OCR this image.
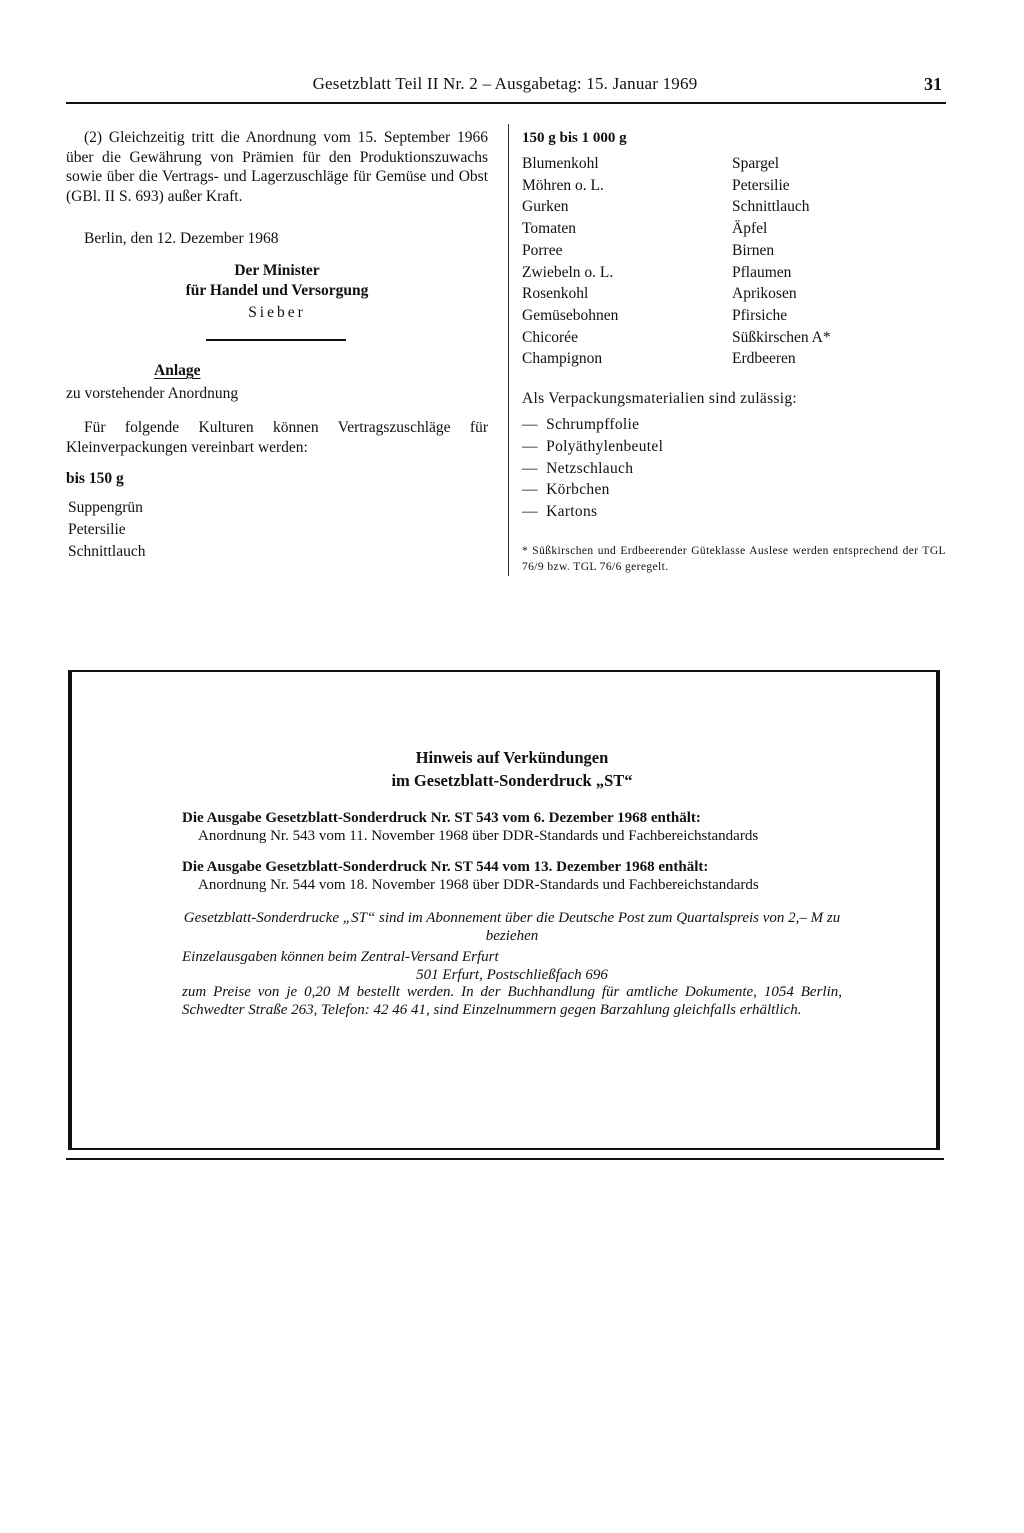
Gesetzblatt Teil II Nr. 2 – Ausgabetag: 15. Januar 1969	31

(2) Gleichzeitig tritt die Anordnung vom 15. September 1966 über die Gewährung von Prämien für den Produktionszuwachs sowie über die Vertrags- und Lagerzuschläge für Gemüse und Obst (GBl. II S. 693) außer Kraft.

Berlin, den 12. Dezember 1968
Der Minister
für Handel und Versorgung
Sieber
Anlage
zu vorstehender Anordnung
Für folgende Kulturen können Vertragszuschläge für Kleinverpackungen vereinbart werden:
bis 150 g
Suppengrün
Petersilie
Schnittlauch
150 g bis 1 000 g
Blumenkohl	Spargel
Möhren o. L.	Petersilie
Gurken	Schnittlauch
Tomaten	Äpfel
Porree	Birnen
Zwiebeln o. L.	Pflaumen
Rosenkohl	Aprikosen
Gemüsebohnen	Pfirsiche
Chicorée	Süßkirschen A*
Champignon	Erdbeeren
Als Verpackungsmaterialien sind zulässig:
—  Schrumpffolie
—  Polyäthylenbeutel
—  Netzschlauch
—  Körbchen
—  Kartons
* Süßkirschen und Erdbeerender Güteklasse Auslese werden entsprechend der TGL 76/9 bzw. TGL 76/6 geregelt.
Hinweis auf Verkündungen
im Gesetzblatt-Sonderdruck „ST“
Die Ausgabe Gesetzblatt-Sonderdruck Nr. ST 543 vom 6. Dezember 1968 enthält:
Anordnung Nr. 543 vom 11. November 1968 über DDR-Standards und Fachbereichstandards
Die Ausgabe Gesetzblatt-Sonderdruck Nr. ST 544 vom 13. Dezember 1968 enthält:
Anordnung Nr. 544 vom 18. November 1968 über DDR-Standards und Fachbereichstandards
Gesetzblatt-Sonderdrucke „ST“ sind im Abonnement über die Deutsche Post zum Quartalspreis von 2,– M zu beziehen
Einzelausgaben können beim Zentral-Versand Erfurt
501 Erfurt, Postschließfach 696
zum Preise von je 0,20 M bestellt werden. In der Buchhandlung für amtliche Dokumente, 1054 Berlin, Schwedter Straße 263, Telefon: 42 46 41, sind Einzelnummern gegen Barzahlung gleichfalls erhältlich.
